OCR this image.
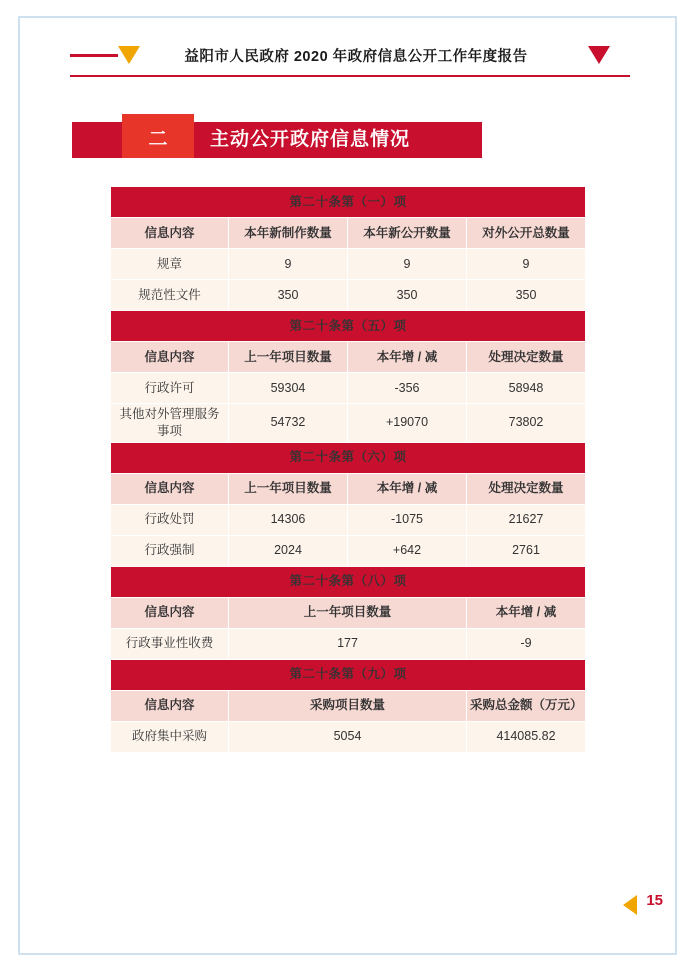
益阳市人民政府 2020 年政府信息公开工作年度报告
二	主动公开政府信息情况
第二十条第（一）项			
信息内容	本年新制作数量	本年新公开数量	对外公开总数量
规章	9	9	9
规范性文件	350	350	350
第二十条第（五）项			
信息内容	上一年项目数量	本年增 / 减	处理决定数量
行政许可	59304	-356	58948
其他对外管理服务事项	54732	+19070	73802
第二十条第（六）项			
信息内容	上一年项目数量	本年增 / 减	处理决定数量
行政处罚	14306	-1075	21627
行政强制	2024	+642	2761
第二十条第（八）项			
信息内容	上一年项目数量		本年增 / 减
行政事业性收费	177		-9
第二十条第（九）项			
信息内容	采购项目数量		采购总金额（万元）
政府集中采购	5054		414085.82
15
